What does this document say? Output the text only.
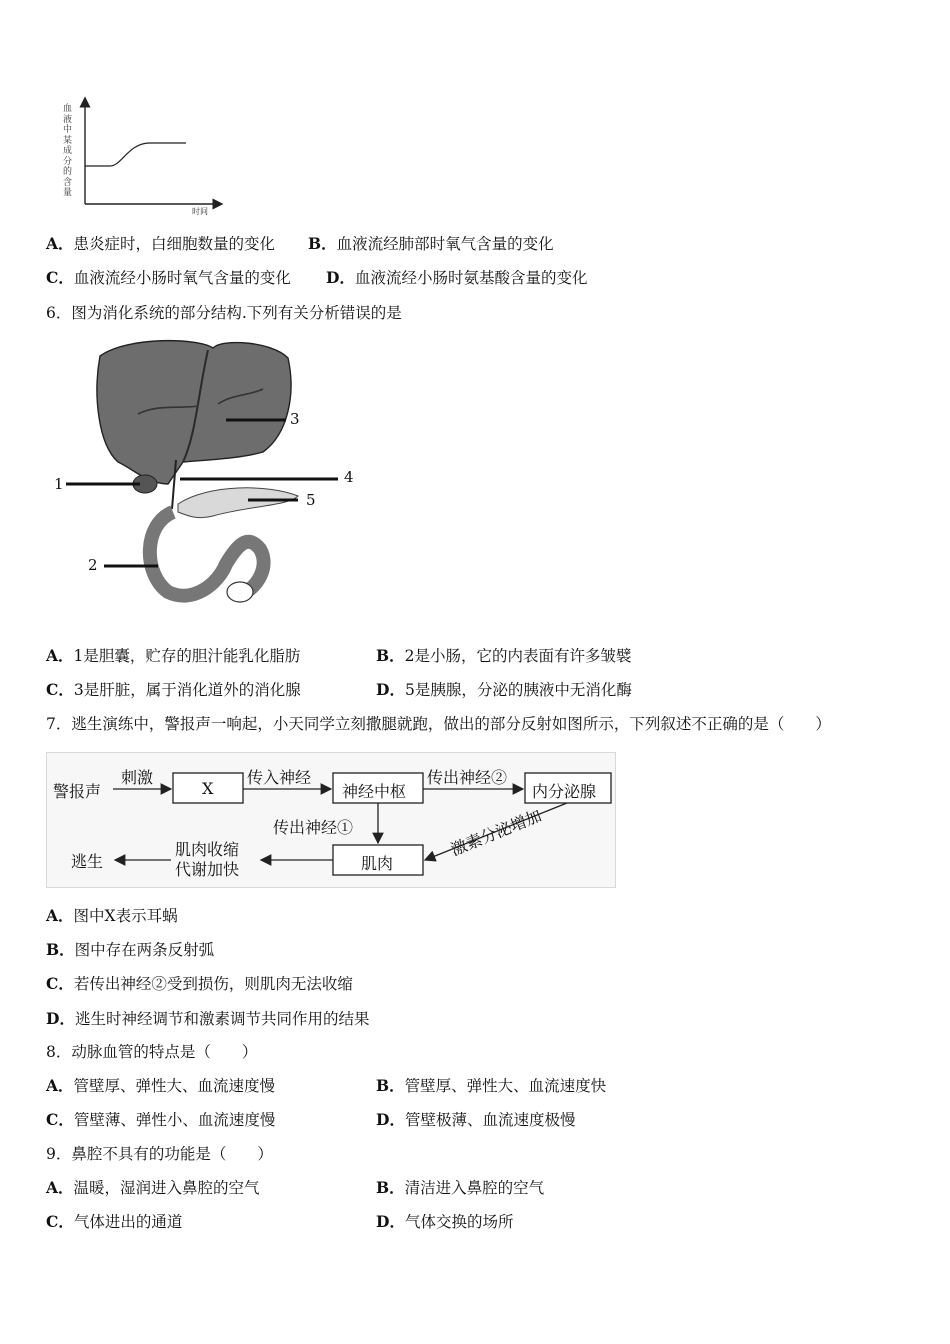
血液中某成分的含量
时间
A．患炎症时，白细胞数量的变化 B．血液流经肺部时氧气含量的变化
C．血液流经小肠时氧气含量的变化 D．血液流经小肠时氨基酸含量的变化
6．图为消化系统的部分结构.下列有关分析错误的是
1
2
3
4
5
A．1是胆囊，贮存的胆汁能乳化脂肪	B．2是小肠，它的内表面有许多皱襞
C．3是肝脏，属于消化道外的消化腺	D．5是胰腺，分泌的胰液中无消化酶
7．逃生演练中，警报声一响起，小天同学立刻撒腿就跑，做出的部分反射如图所示，下列叙述不正确的是（　　）
警报声
刺激
X
传入神经
神经中枢
传出神经②
内分泌腺
传出神经①	激素分泌增加
肌肉
肌肉收缩
代谢加快
逃生
A．图中X表示耳蜗
B．图中存在两条反射弧
C．若传出神经②受到损伤，则肌肉无法收缩
D．逃生时神经调节和激素调节共同作用的结果
8．动脉血管的特点是（　　）
A．管壁厚、弹性大、血流速度慢	B．管壁厚、弹性大、血流速度快
C．管壁薄、弹性小、血流速度慢	D．管壁极薄、血流速度极慢
9．鼻腔不具有的功能是（　　）
A．温暖，湿润进入鼻腔的空气	B．清洁进入鼻腔的空气
C．气体进出的通道	D．气体交换的场所
